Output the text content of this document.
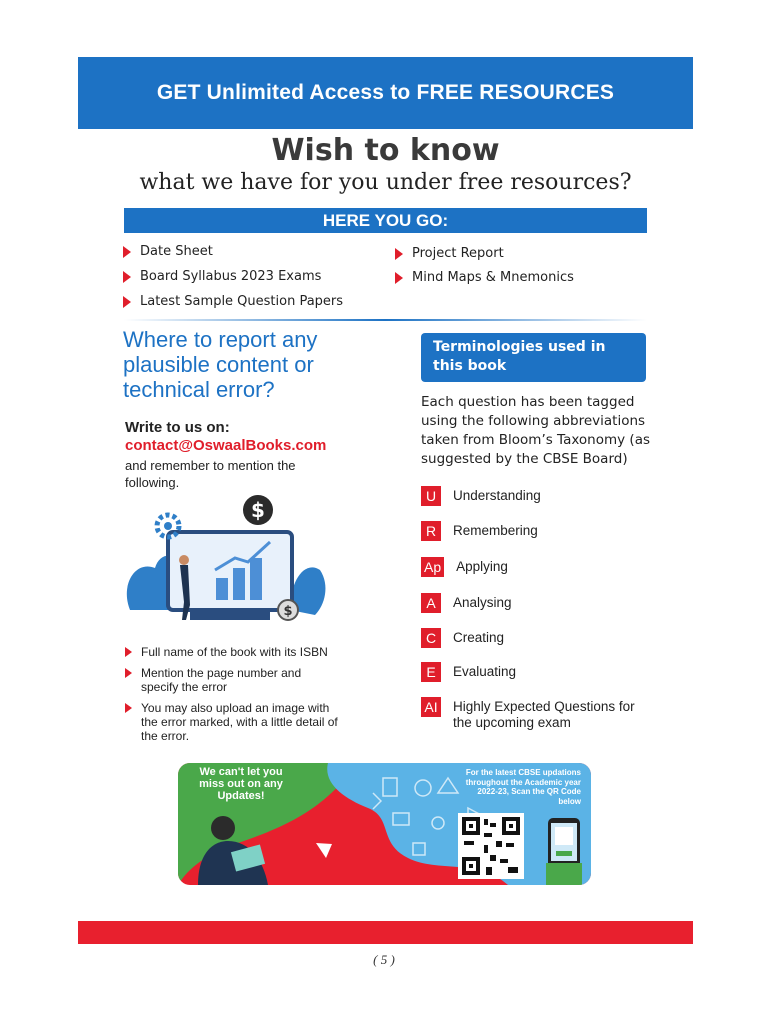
GET Unlimited Access to FREE RESOURCES
Wish to know
what we have for you under free resources?
HERE YOU GO:
Date Sheet
Board Syllabus 2023 Exams
Latest Sample Question Papers
Project Report
Mind Maps & Mnemonics
Where to report any plausible content or technical error?
Write to us on:
contact@OswaalBooks.com
and remember to mention the following.
$
$
Full name of the book with its ISBN
Mention the page number and specify the error
You may also upload an image with the error marked, with a little detail of the error.
Terminologies used in this book
Each question has been tagged using the following abbreviations taken from Bloom’s Taxonomy (as suggested by the CBSE Board)
U	Understanding
R	Remembering
Ap Applying
A	Analysing
C	Creating
E	Evaluating
AI Highly Expected Questions for the upcoming exam
We can't let you miss out on any Updates!
For the latest CBSE updations throughout the Academic year 2022-23, Scan the QR Code below
( 5 )
